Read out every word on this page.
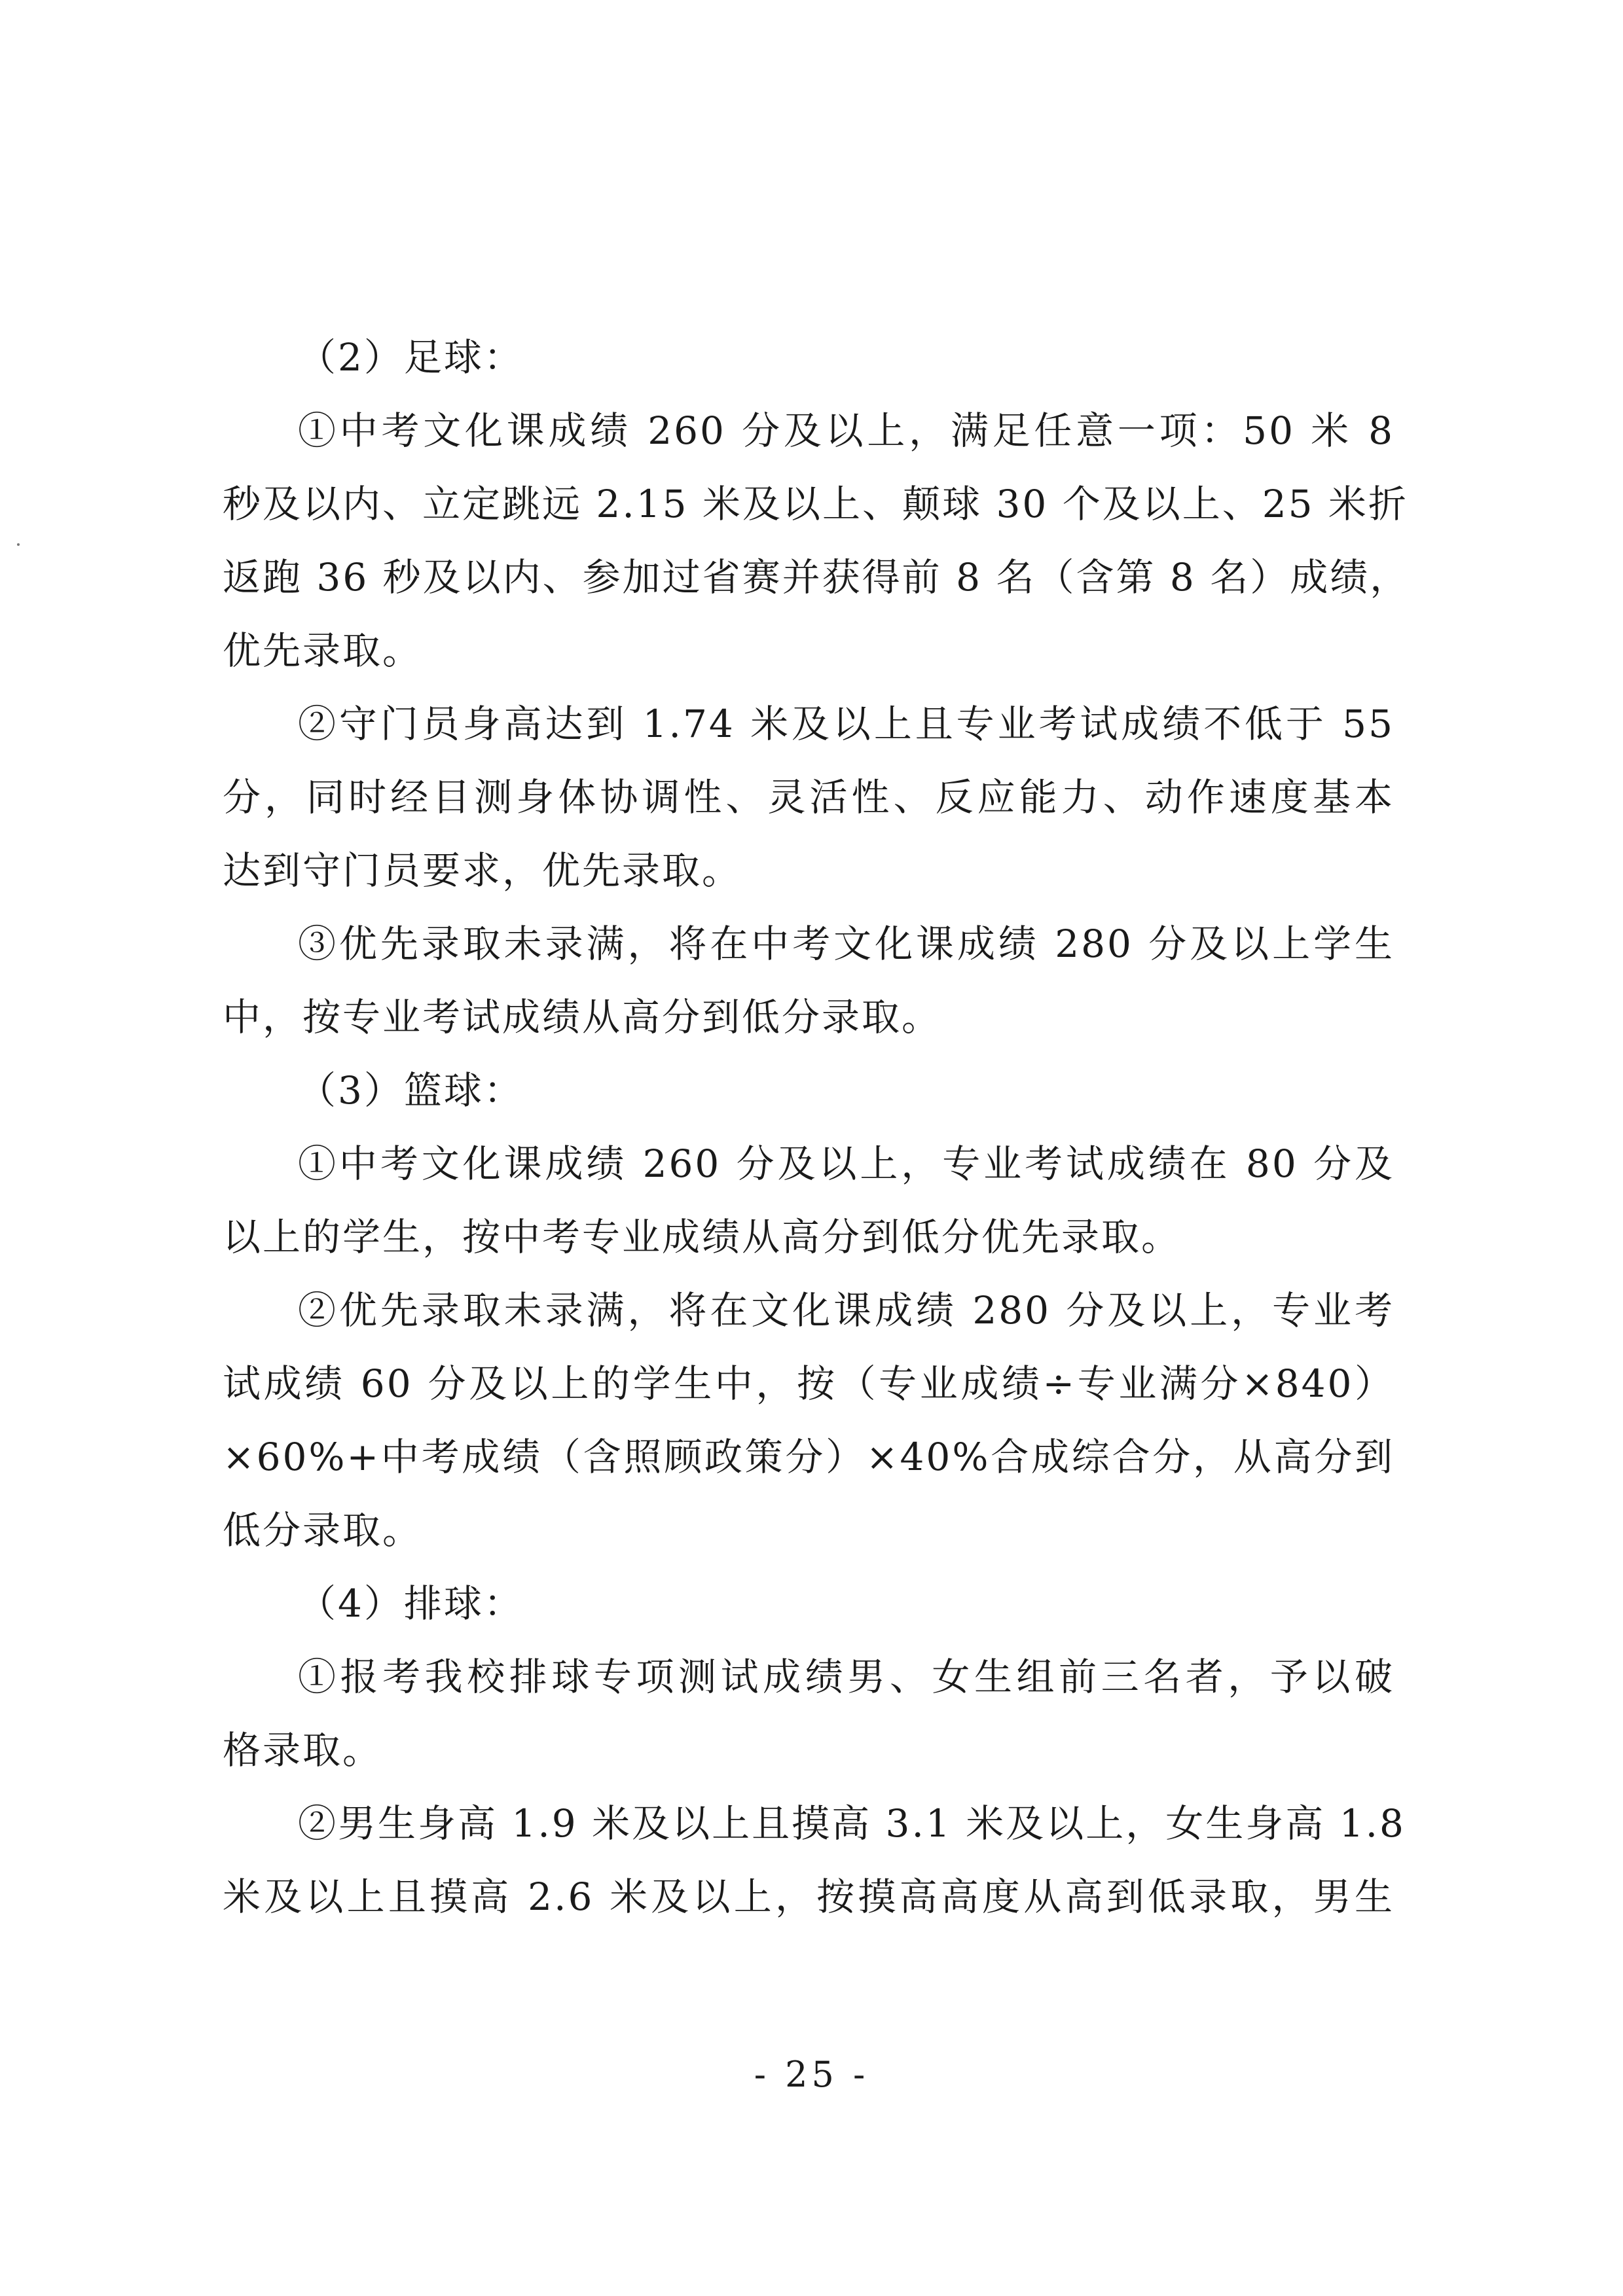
（2）足球：
①中考文化课成绩 260 分及以上，满足任意一项：50 米 8
秒及以内、立定跳远 2.15 米及以上、颠球 30 个及以上、25 米折
返跑 36 秒及以内、参加过省赛并获得前 8 名（含第 8 名）成绩，
优先录取。
②守门员身高达到 1.74 米及以上且专业考试成绩不低于 55
分，同时经目测身体协调性、灵活性、反应能力、动作速度基本
达到守门员要求，优先录取。
③优先录取未录满，将在中考文化课成绩 280 分及以上学生
中，按专业考试成绩从高分到低分录取。
（3）篮球：
①中考文化课成绩 260 分及以上，专业考试成绩在 80 分及
以上的学生，按中考专业成绩从高分到低分优先录取。
②优先录取未录满，将在文化课成绩 280 分及以上，专业考
试成绩 60 分及以上的学生中，按（专业成绩÷专业满分×840）
×60%+中考成绩（含照顾政策分）×40%合成综合分，从高分到
低分录取。
（4）排球：
①报考我校排球专项测试成绩男、女生组前三名者，予以破
格录取。
②男生身高 1.9 米及以上且摸高 3.1 米及以上，女生身高 1.8
米及以上且摸高 2.6 米及以上，按摸高高度从高到低录取，男生
- 25 -
